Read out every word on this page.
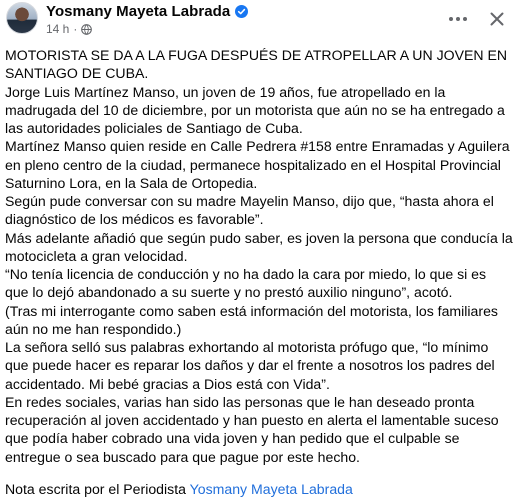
Yosmany Mayeta Labrada
14 h ·

MOTORISTA SE DA A LA FUGA DESPUÉS DE ATROPELLAR A UN JOVEN EN SANTIAGO DE CUBA.

Jorge Luis Martínez Manso, un joven de 19 años, fue atropellado en la madrugada del 10 de diciembre, por un motorista que aún no se ha entregado a las autoridades policiales de Santiago de Cuba.

Martínez Manso quien reside en Calle Pedrera #158 entre Enramadas y Aguilera en pleno centro de la ciudad, permanece hospitalizado en el Hospital Provincial Saturnino Lora, en la Sala de Ortopedia.

Según pude conversar con su madre Mayelin Manso, dijo que, “hasta ahora el diagnóstico de los médicos es favorable”.

Más adelante añadió que según pudo saber, es joven la persona que conducía la motocicleta a gran velocidad.

“No tenía licencia de conducción y no ha dado la cara por miedo, lo que si es que lo dejó abandonado a su suerte y no prestó auxilio ninguno”, acotó.

(Tras mi interrogante como saben está información del motorista, los familiares aún no me han respondido.)

La señora selló sus palabras exhortando al motorista prófugo que, “lo mínimo que puede hacer es reparar los daños y dar el frente a nosotros los padres del accidentado. Mi bebé gracias a Dios está con Vida”.

En redes sociales, varias han sido las personas que le han deseado pronta recuperación al joven accidentado y han puesto en alerta el lamentable suceso que podía haber cobrado una vida joven y han pedido que el culpable se entregue o sea buscado para que pague por este hecho.

Nota escrita por el Periodista Yosmany Mayeta Labrada
